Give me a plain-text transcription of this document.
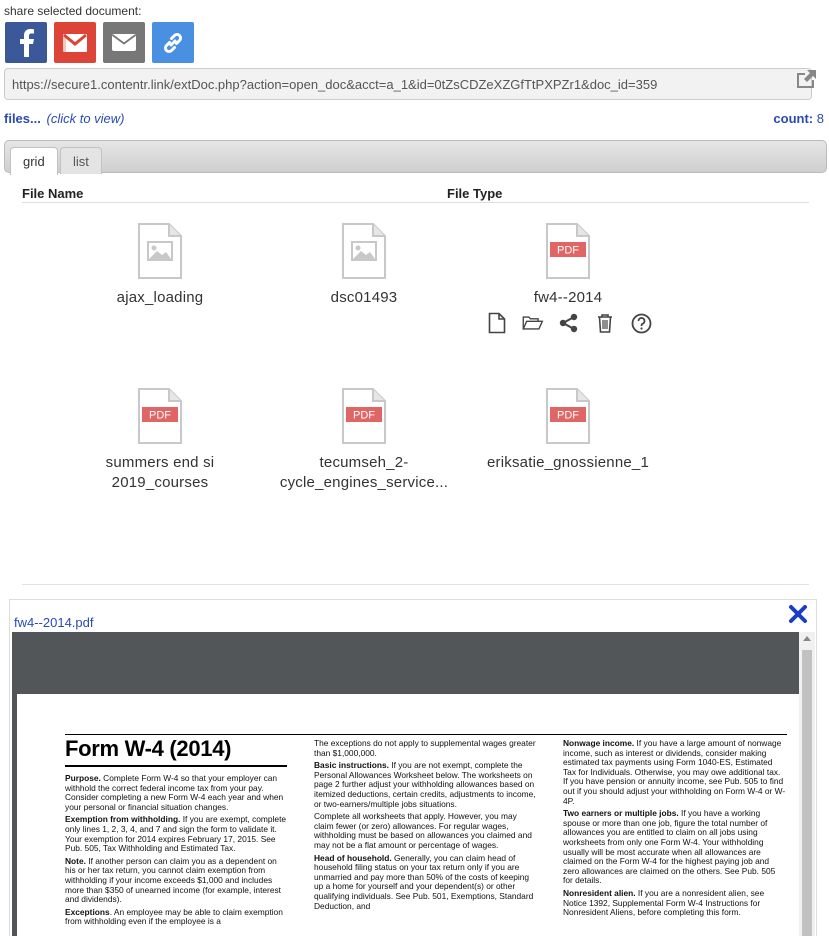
share selected document:
https://secure1.contentr.link/extDoc.php?action=open_doc&acct=a_1&id=0tZsCDZeXZGfTtPXPZr1&doc_id=359
files... (click to view)	count: 8
grid	list
File Name	File Type
ajax_loading	dsc01493
PDF
fw4--2014
PDF
summers end si
2019_courses
PDF
tecumseh_2-
cycle_engines_service...
PDF
eriksatie_gnossienne_1
fw4--2014.pdf
Form W-4 (2014)

Purpose. Complete Form W-4 so that your employer can withhold the correct federal income tax from your pay. Consider completing a new Form W-4 each year and when your personal or financial situation changes.

Exemption from withholding. If you are exempt, complete only lines 1, 2, 3, 4, and 7 and sign the form to validate it. Your exemption for 2014 expires February 17, 2015. See Pub. 505, Tax Withholding and Estimated Tax.

Note. If another person can claim you as a dependent on his or her tax return, you cannot claim exemption from withholding if your income exceeds $1,000 and includes more than $350 of unearned income (for example, interest and dividends).

Exceptions. An employee may be able to claim exemption from withholding even if the employee is a

The exceptions do not apply to supplemental wages greater than $1,000,000.

Basic instructions. If you are not exempt, complete the Personal Allowances Worksheet below. The worksheets on page 2 further adjust your withholding allowances based on itemized deductions, certain credits, adjustments to income, or two-earners/multiple jobs situations.

Complete all worksheets that apply. However, you may claim fewer (or zero) allowances. For regular wages, withholding must be based on allowances you claimed and may not be a flat amount or percentage of wages.

Head of household. Generally, you can claim head of household filing status on your tax return only if you are unmarried and pay more than 50% of the costs of keeping up a home for yourself and your dependent(s) or other qualifying individuals. See Pub. 501, Exemptions, Standard Deduction, and

Nonwage income. If you have a large amount of nonwage income, such as interest or dividends, consider making estimated tax payments using Form 1040-ES, Estimated Tax for Individuals. Otherwise, you may owe additional tax. If you have pension or annuity income, see Pub. 505 to find out if you should adjust your withholding on Form W-4 or W-4P.

Two earners or multiple jobs. If you have a working spouse or more than one job, figure the total number of allowances you are entitled to claim on all jobs using worksheets from only one Form W-4. Your withholding usually will be most accurate when all allowances are claimed on the Form W-4 for the highest paying job and zero allowances are claimed on the others. See Pub. 505 for details.

Nonresident alien. If you are a nonresident alien, see Notice 1392, Supplemental Form W-4 Instructions for Nonresident Aliens, before completing this form.
